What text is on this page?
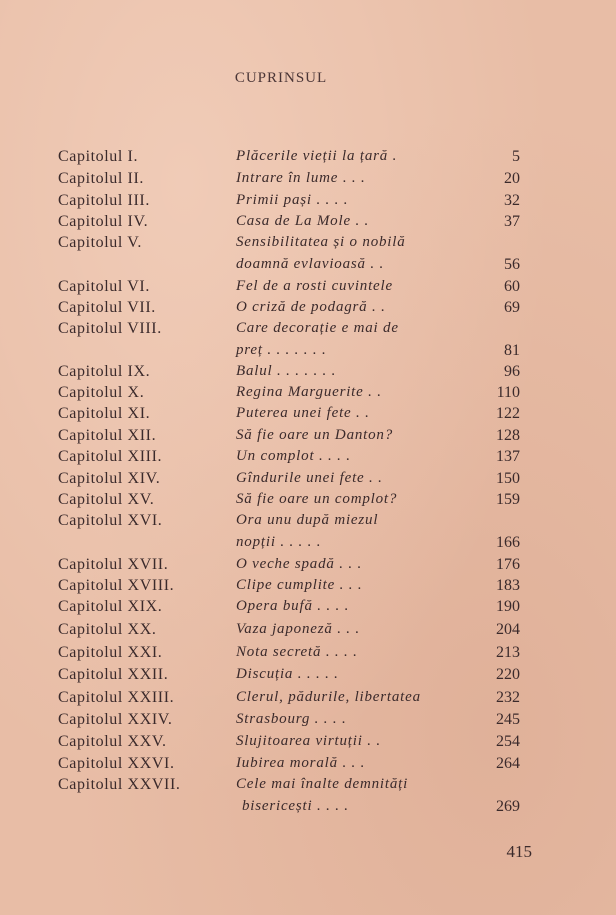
CUPRINSUL
Capitolul I.	Plăcerile vieții la țară .	5
Capitolul II.	Intrare în lume . . .	20
Capitolul III.	Primii pași . . . .	32
Capitolul IV.	Casa de La Mole . .	37
Capitolul V.	Sensibilitatea și o nobilă
doamnă evlavioasă . .	56
Capitolul VI.	Fel de a rosti cuvintele	60
Capitolul VII.	O criză de podagră . .	69
Capitolul VIII.	Care decorație e mai de
preț . . . . . . .	81
Capitolul IX.	Balul . . . . . . .	96
Capitolul X.	Regina Marguerite . .	110
Capitolul XI.	Puterea unei fete . .	122
Capitolul XII.	Să fie oare un Danton?	128
Capitolul XIII.	Un complot . . . .	137
Capitolul XIV.	Gîndurile unei fete . .	150
Capitolul XV.	Să fie oare un complot?	159
Capitolul XVI.	Ora unu după miezul
nopții . . . . .	166
Capitolul XVII.	O veche spadă . . .	176
Capitolul XVIII.	Clipe cumplite . . .	183
Capitolul XIX.	Opera bufă . . . .	190
Capitolul XX.	Vaza japoneză . . .	204
Capitolul XXI.	Nota secretă . . . .	213
Capitolul XXII.	Discuția . . . . .	220
Capitolul XXIII.	Clerul, pădurile, libertatea	232
Capitolul XXIV.	Strasbourg . . . .	245
Capitolul XXV.	Slujitoarea virtuții . .	254
Capitolul XXVI.	Iubirea morală . . .	264
Capitolul XXVII.	Cele mai înalte demnități
bisericești . . . .	269
415
